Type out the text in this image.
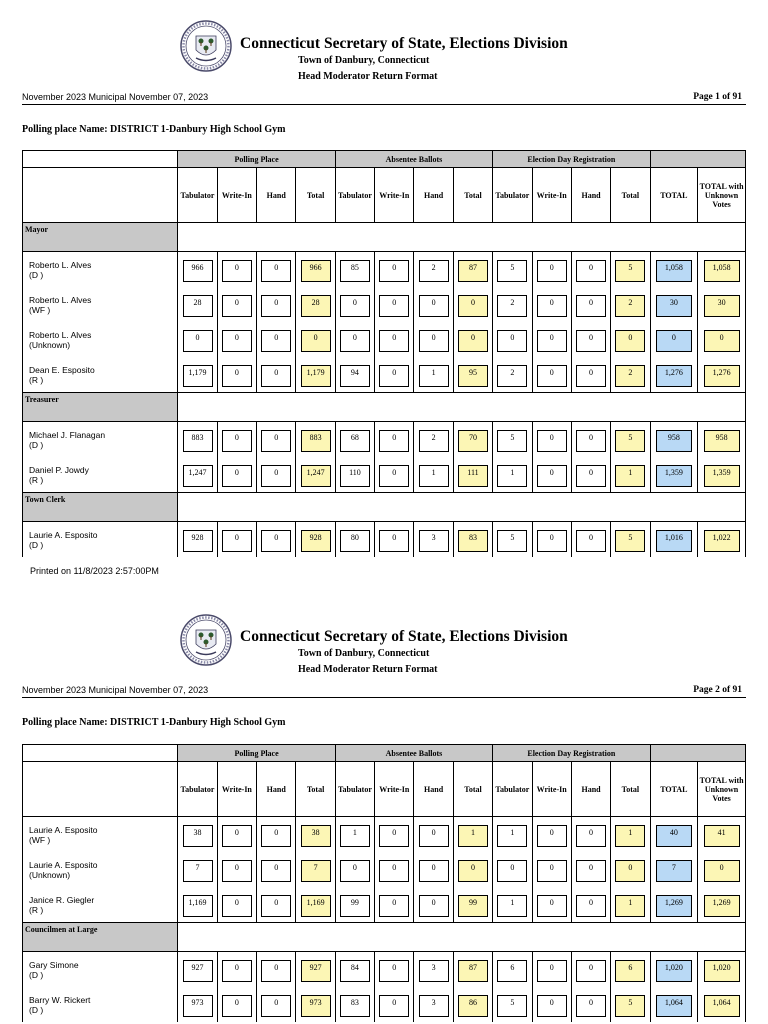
Connecticut Secretary of State, Elections Division
Town of Danbury, Connecticut
Head Moderator Return Format
November 2023 Municipal November 07, 2023	Page 1 of 91
Polling place Name: DISTRICT 1-Danbury High School Gym
	Polling Place				Absentee Ballots				Election Day Registration					
	Tabulator	Write-In	Hand	Total	Tabulator	Write-In	Hand	Total	Tabulator	Write-In	Hand	Total	TOTAL	TOTAL with Unknown Votes
Mayor														

Roberto L. Alves
(D )	966	0	0	966	85	0	2	87	5	0	0	5	1,058	1,058

Roberto L. Alves
(WF )	28	0	0	28	0	0	0	0	2	0	0	2	30	30

Roberto L. Alves
(Unknown)	0	0	0	0	0	0	0	0	0	0	0	0	0	0

Dean E. Esposito
(R )	1,179	0	0	1,179	94	0	1	95	2	0	0	2	1,276	1,276
Treasurer														

Michael J. Flanagan
(D )	883	0	0	883	68	0	2	70	5	0	0	5	958	958

Daniel P. Jowdy
(R )	1,247	0	0	1,247	110	0	1	111	1	0	0	1	1,359	1,359
Town Clerk														

Laurie A. Esposito
(D )	928	0	0	928	80	0	3	83	5	0	0	5	1,016	1,022
Printed on 11/8/2023 2:57:00PM
Connecticut Secretary of State, Elections Division
Town of Danbury, Connecticut
Head Moderator Return Format
November 2023 Municipal November 07, 2023	Page 2 of 91
Polling place Name: DISTRICT 1-Danbury High School Gym
	Polling Place				Absentee Ballots				Election Day Registration					
	Tabulator	Write-In	Hand	Total	Tabulator	Write-In	Hand	Total	Tabulator	Write-In	Hand	Total	TOTAL	TOTAL with Unknown Votes

Laurie A. Esposito
(WF )	38	0	0	38	1	0	0	1	1	0	0	1	40	41

Laurie A. Esposito
(Unknown)	7	0	0	7	0	0	0	0	0	0	0	0	7	0

Janice R. Giegler
(R )	1,169	0	0	1,169	99	0	0	99	1	0	0	1	1,269	1,269
Councilmen at Large														

Gary Simone
(D )	927	0	0	927	84	0	3	87	6	0	0	6	1,020	1,020

Barry W. Rickert
(D )	973	0	0	973	83	0	3	86	5	0	0	5	1,064	1,064
